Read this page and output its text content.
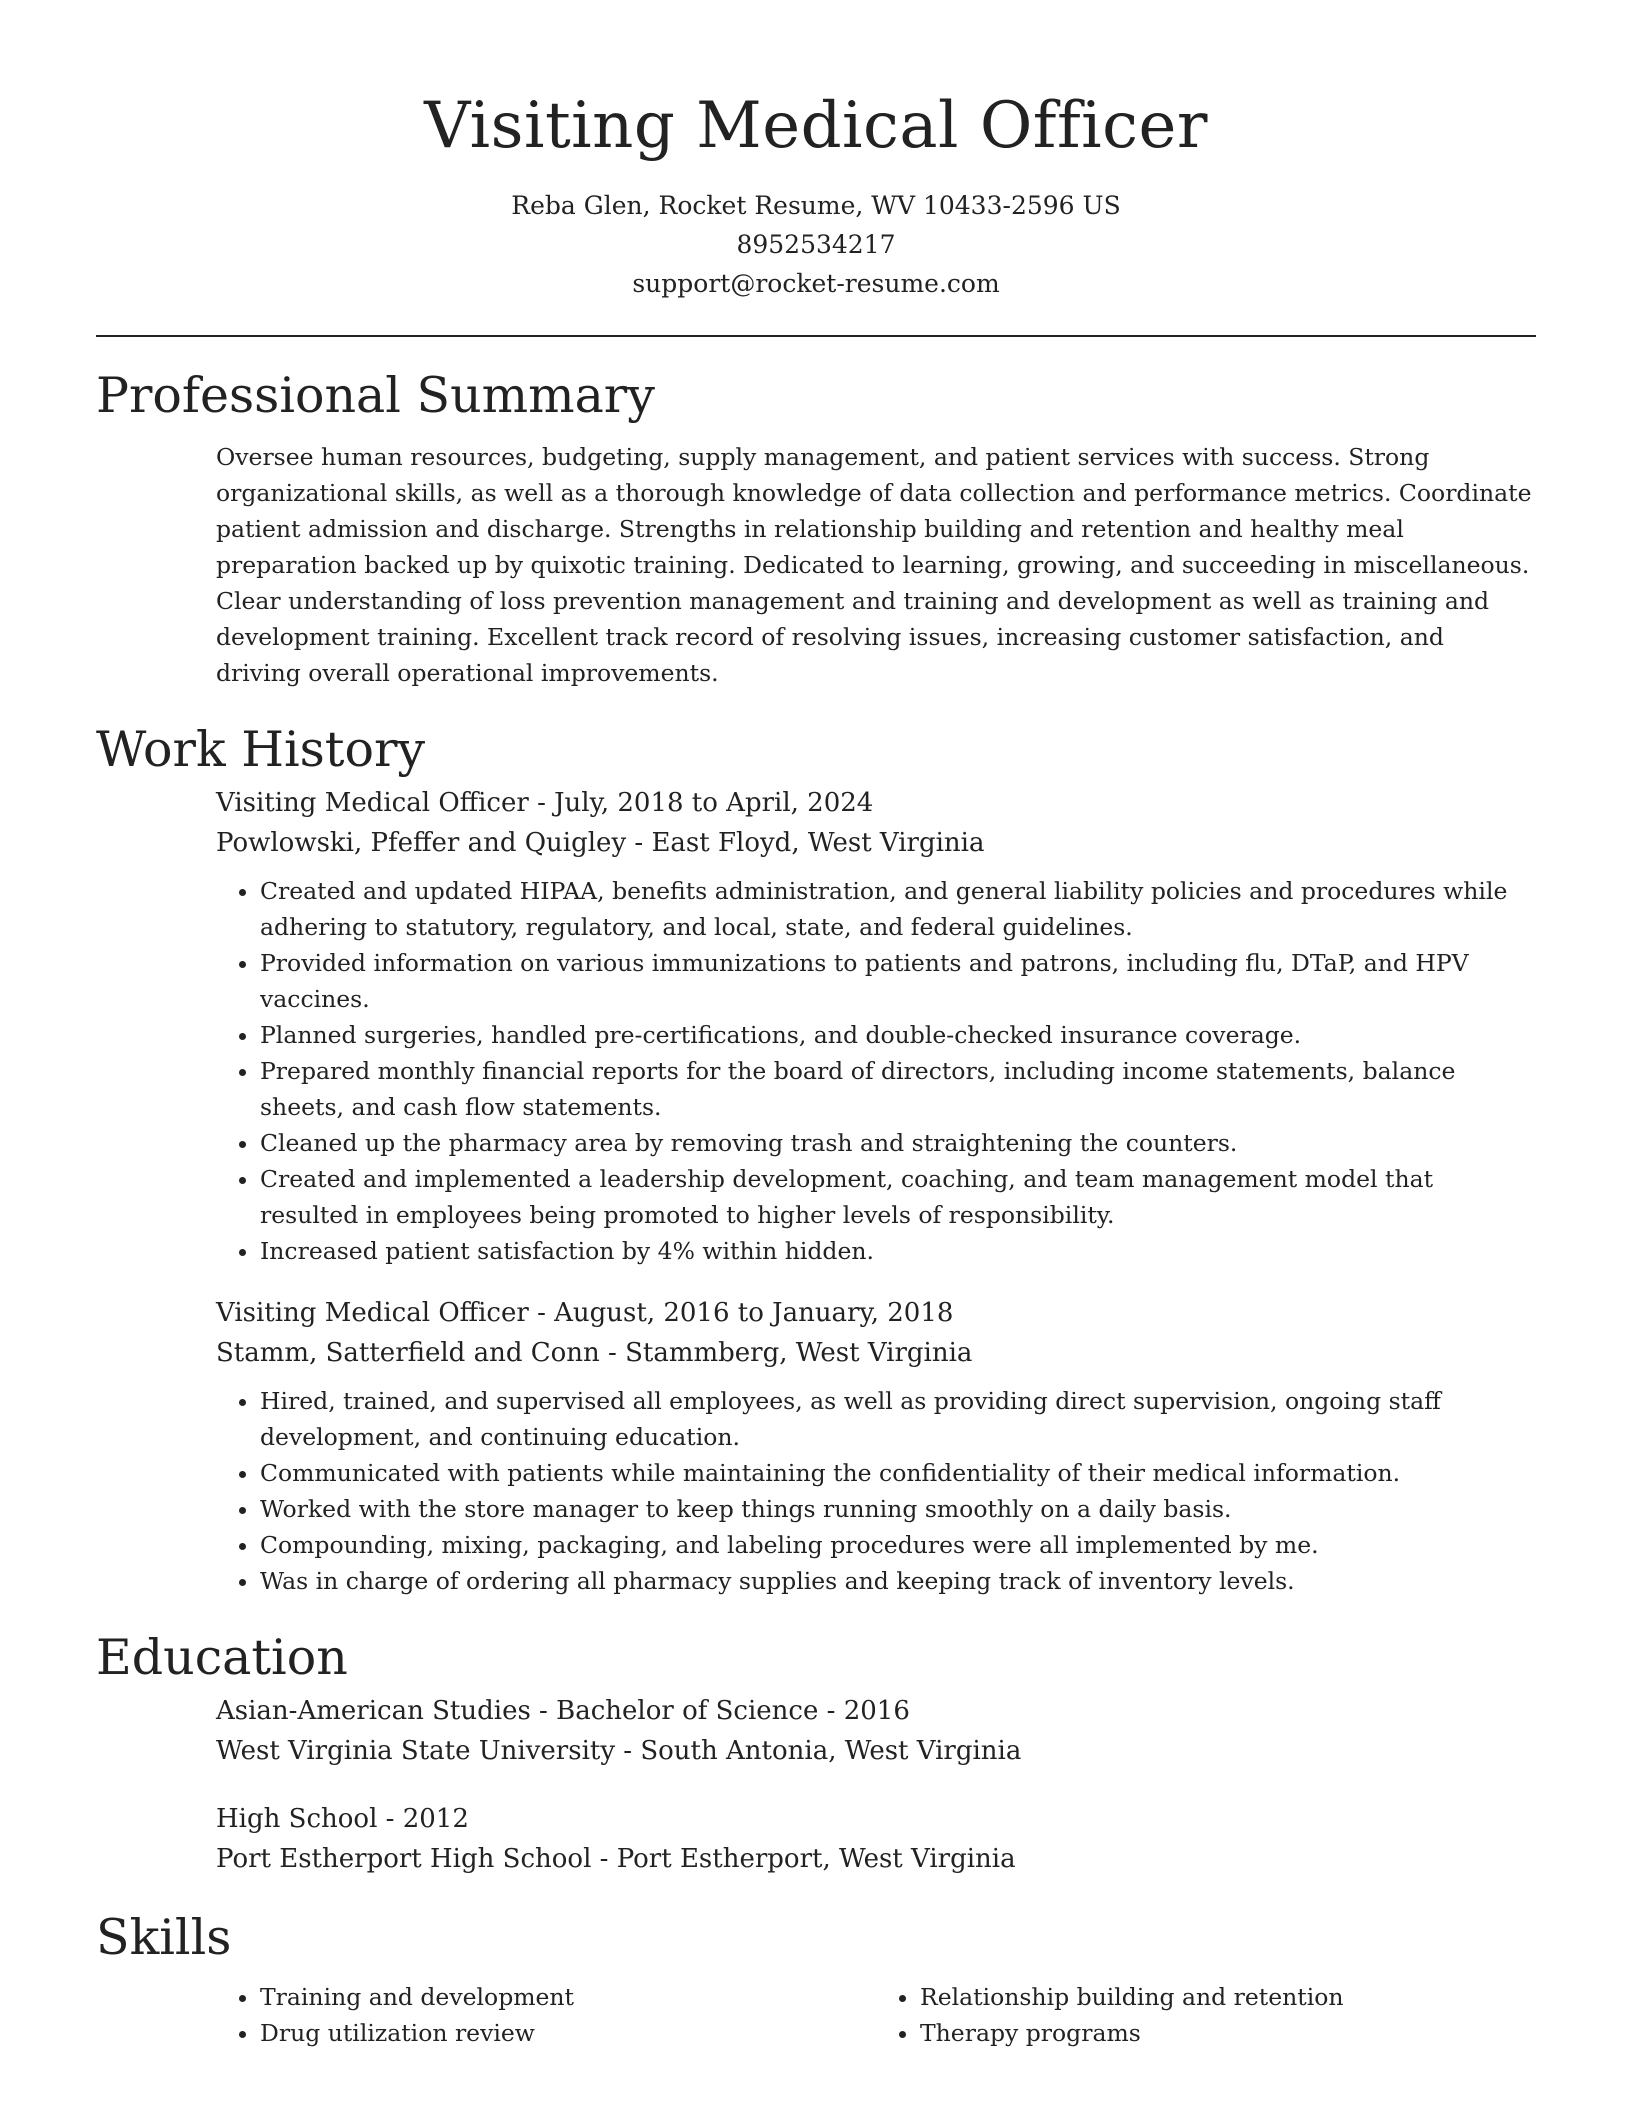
Visiting Medical Officer
Reba Glen, Rocket Resume, WV 10433-2596 US
8952534217
support@rocket-resume.com
Professional Summary

Oversee human resources, budgeting, supply management, and patient services with success. Strong organizational skills, as well as a thorough knowledge of data collection and performance metrics. Coordinate patient admission and discharge. Strengths in relationship building and retention and healthy meal preparation backed up by quixotic training. Dedicated to learning, growing, and succeeding in miscellaneous. Clear understanding of loss prevention management and training and development as well as training and development training. Excellent track record of resolving issues, increasing customer satisfaction, and driving overall operational improvements.

Work History

Visiting Medical Officer - July, 2018 to April, 2024

Powlowski, Pfeffer and Quigley - East Floyd, West Virginia

• Created and updated HIPAA, benefits administration, and general liability policies and procedures while adhering to statutory, regulatory, and local, state, and federal guidelines.
• Provided information on various immunizations to patients and patrons, including flu, DTaP, and HPV vaccines.
• Planned surgeries, handled pre-certifications, and double-checked insurance coverage.
• Prepared monthly financial reports for the board of directors, including income statements, balance sheets, and cash flow statements.
• Cleaned up the pharmacy area by removing trash and straightening the counters.
• Created and implemented a leadership development, coaching, and team management model that resulted in employees being promoted to higher levels of responsibility.
• Increased patient satisfaction by 4% within hidden.

Visiting Medical Officer - August, 2016 to January, 2018

Stamm, Satterfield and Conn - Stammberg, West Virginia

• Hired, trained, and supervised all employees, as well as providing direct supervision, ongoing staff development, and continuing education.
• Communicated with patients while maintaining the confidentiality of their medical information.
• Worked with the store manager to keep things running smoothly on a daily basis.
• Compounding, mixing, packaging, and labeling procedures were all implemented by me.
• Was in charge of ordering all pharmacy supplies and keeping track of inventory levels.
Education

Asian-American Studies - Bachelor of Science - 2016

West Virginia State University - South Antonia, West Virginia

High School - 2012

Port Estherport High School - Port Estherport, West Virginia

Skills
• Training and development
• Drug utilization review
• Relationship building and retention
• Therapy programs
